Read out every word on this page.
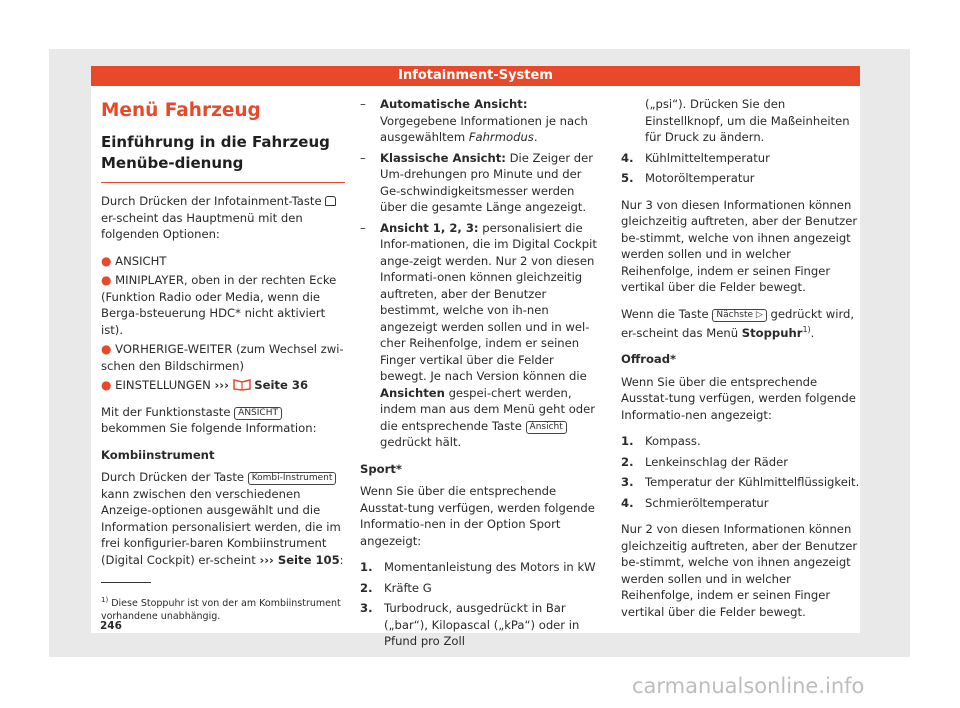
Infotainment-System
Menü Fahrzeug
Einführung in die Fahrzeug Menübe-dienung

Durch Drücken der Infotainment-Taste  er-scheint das Hauptmenü mit den folgenden Optionen:

● ANSICHT
● MINIPLAYER, oben in der rechten Ecke (Funktion Radio oder Media, wenn die Berga-bsteuerung HDC* nicht aktiviert ist).
● VORHERIGE-WEITER (zum Wechsel zwi-schen den Bildschirmen)
● EINSTELLUNGEN ››› Seite 36

Mit der Funktionstaste ANSICHT bekommen Sie folgende Information:

Kombiinstrument

Durch Drücken der Taste Kombi-Instrument kann zwischen den verschiedenen Anzeige-optionen ausgewählt und die Information personalisiert werden, die im frei konfigurier-baren Kombiinstrument (Digital Cockpit) er-scheint ››› Seite 105:

–	Automatische Ansicht: Vorgegebene Informationen je nach ausgewähltem Fahrmodus.
–	Klassische Ansicht: Die Zeiger der Um-drehungen pro Minute und der Ge-schwindigkeitsmesser werden über die gesamte Länge angezeigt.
–	Ansicht 1, 2, 3: personalisiert die Infor-mationen, die im Digital Cockpit ange-zeigt werden. Nur 2 von diesen Informati-onen können gleichzeitig auftreten, aber der Benutzer bestimmt, welche von ih-nen angezeigt werden sollen und in wel-cher Reihenfolge, indem er seinen Finger vertikal über die Felder bewegt. Je nach Version können die Ansichten gespei-chert werden, indem man aus dem Menü geht oder die entsprechende Taste Ansicht gedrückt hält.
Sport*

Wenn Sie über die entsprechende Ausstat-tung verfügen, werden folgende Informatio-nen in der Option Sport angezeigt:

1. Momentanleistung des Motors in kW
2. Kräfte G
3. Turbodruck, ausgedrückt in Bar („bar“), Kilopascal („kPa“) oder in Pfund pro Zoll
(„psi“). Drücken Sie den Einstellknopf, um die Maßeinheiten für Druck zu ändern.
4. Kühlmitteltemperatur
5. Motoröltemperatur

Nur 3 von diesen Informationen können gleichzeitig auftreten, aber der Benutzer be-stimmt, welche von ihnen angezeigt werden sollen und in welcher Reihenfolge, indem er seinen Finger vertikal über die Felder bewegt.

Wenn die Taste Nächste ▷ gedrückt wird, er-scheint das Menü Stoppuhr$^{1)}$.

Offroad*

Wenn Sie über die entsprechende Ausstat-tung verfügen, werden folgende Informatio-nen angezeigt:

1. Kompass.
2. Lenkeinschlag der Räder
3. Temperatur der Kühlmittelflüssigkeit.
4. Schmieröltemperatur

Nur 2 von diesen Informationen können gleichzeitig auftreten, aber der Benutzer be-stimmt, welche von ihnen angezeigt werden sollen und in welcher Reihenfolge, indem er seinen Finger vertikal über die Felder bewegt.

$^{1)}$ Diese Stoppuhr ist von der am Kombiinstrument vorhandene unabhängig.
246
carmanualsonline.info
